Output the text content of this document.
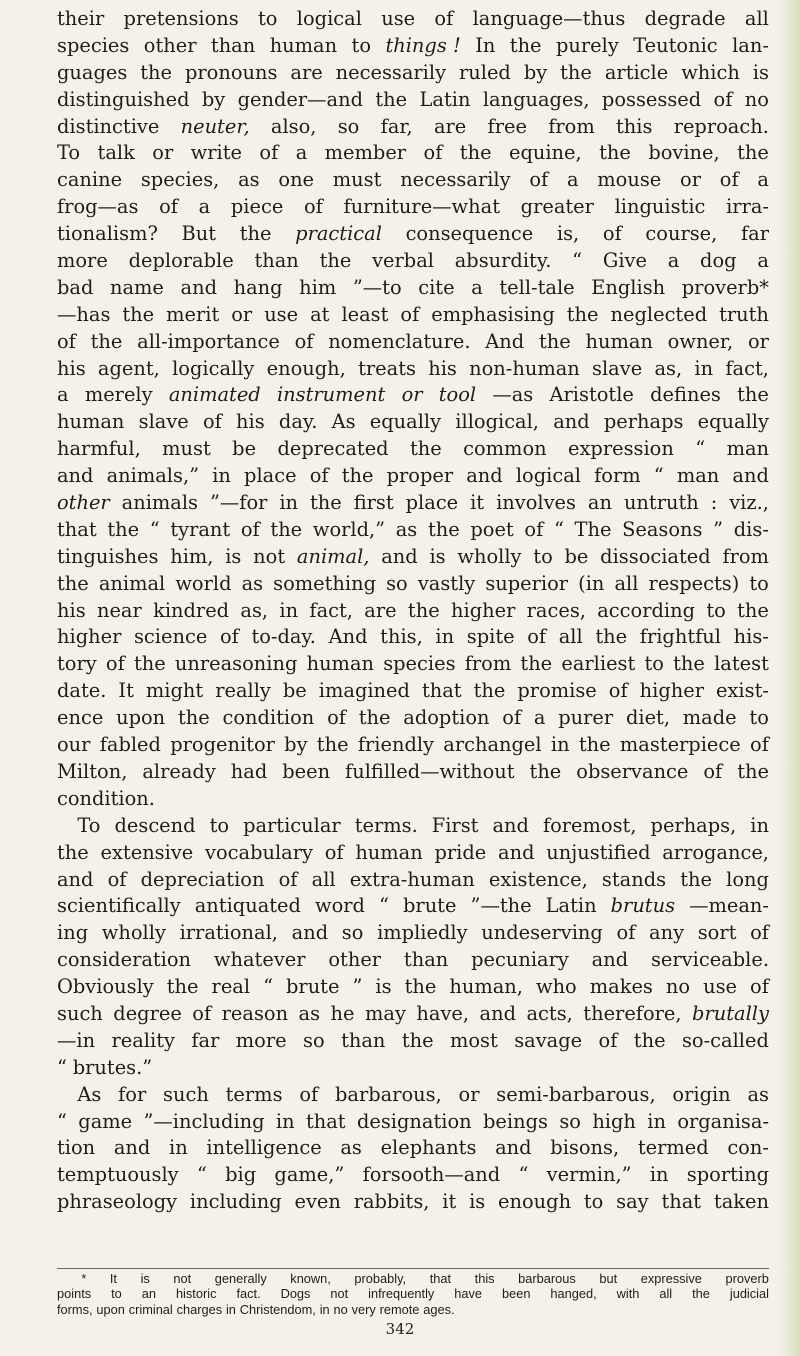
their pretensions to logical use of language—thus degrade all
species other than human to things ! In the purely Teutonic lan-
guages the pronouns are necessarily ruled by the article which is
distinguished by gender—and the Latin languages, possessed of no
distinctive neuter, also, so far, are free from this reproach.
To talk or write of a member of the equine, the bovine, the
canine species, as one must necessarily of a mouse or of a
frog—as of a piece of furniture—what greater linguistic irra-
tionalism? But the practical consequence is, of course, far
more deplorable than the verbal absurdity. “ Give a dog a
bad name and hang him ”—to cite a tell-tale English proverb*
—has the merit or use at least of emphasising the neglected truth
of the all-importance of nomenclature. And the human owner, or
his agent, logically enough, treats his non-human slave as, in fact,
a merely animated instrument or tool —as Aristotle defines the
human slave of his day. As equally illogical, and perhaps equally
harmful, must be deprecated the common expression “ man
and animals,” in place of the proper and logical form “ man and
other animals ”—for in the first place it involves an untruth : viz.,
that the “ tyrant of the world,” as the poet of “ The Seasons ” dis-
tinguishes him, is not animal, and is wholly to be dissociated from
the animal world as something so vastly superior (in all respects) to
his near kindred as, in fact, are the higher races, according to the
higher science of to-day. And this, in spite of all the frightful his-
tory of the unreasoning human species from the earliest to the latest
date. It might really be imagined that the promise of higher exist-
ence upon the condition of the adoption of a purer diet, made to
our fabled progenitor by the friendly archangel in the masterpiece of
Milton, already had been fulfilled—without the observance of the
condition.
To descend to particular terms. First and foremost, perhaps, in
the extensive vocabulary of human pride and unjustified arrogance,
and of depreciation of all extra-human existence, stands the long
scientifically antiquated word “ brute ”—the Latin brutus —mean-
ing wholly irrational, and so impliedly undeserving of any sort of
consideration whatever other than pecuniary and serviceable.
Obviously the real “ brute ” is the human, who makes no use of
such degree of reason as he may have, and acts, therefore, brutally
—in reality far more so than the most savage of the so-called
“ brutes.”
As for such terms of barbarous, or semi-barbarous, origin as
“ game ”—including in that designation beings so high in organisa-
tion and in intelligence as elephants and bisons, termed con-
temptuously “ big game,” forsooth—and “ vermin,” in sporting
phraseology including even rabbits, it is enough to say that taken
* It is not generally known, probably, that this barbarous but expressive proverb
points to an historic fact. Dogs not infrequently have been hanged, with all the judicial
forms, upon criminal charges in Christendom, in no very remote ages.
342
